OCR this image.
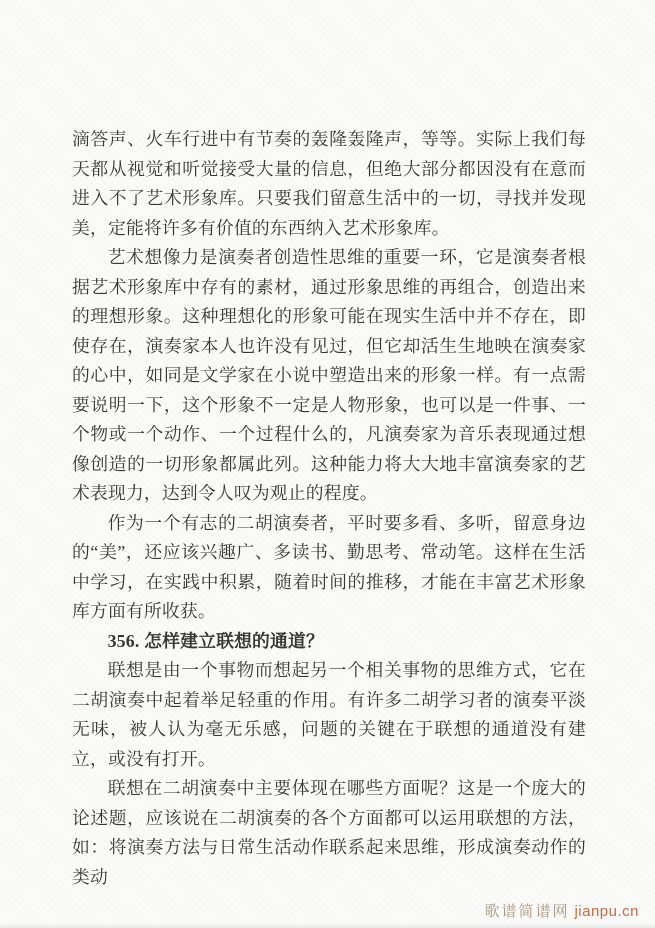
滴答声、火车行进中有节奏的轰隆轰隆声，等等。实际上我们每天都从视觉和听觉接受大量的信息，但绝大部分都因没有在意而进入不了艺术形象库。只要我们留意生活中的一切，寻找并发现美，定能将许多有价值的东西纳入艺术形象库。

艺术想像力是演奏者创造性思维的重要一环，它是演奏者根据艺术形象库中存有的素材，通过形象思维的再组合，创造出来的理想形象。这种理想化的形象可能在现实生活中并不存在，即使存在，演奏家本人也许没有见过，但它却活生生地映在演奏家的心中，如同是文学家在小说中塑造出来的形象一样。有一点需要说明一下，这个形象不一定是人物形象，也可以是一件事、一个物或一个动作、一个过程什么的，凡演奏家为音乐表现通过想像创造的一切形象都属此列。这种能力将大大地丰富演奏家的艺术表现力，达到令人叹为观止的程度。

作为一个有志的二胡演奏者，平时要多看、多听，留意身边的“美”，还应该兴趣广、多读书、勤思考、常动笔。这样在生活中学习，在实践中积累，随着时间的推移，才能在丰富艺术形象库方面有所收获。

356. 怎样建立联想的通道？

联想是由一个事物而想起另一个相关事物的思维方式，它在二胡演奏中起着举足轻重的作用。有许多二胡学习者的演奏平淡无味，被人认为毫无乐感，问题的关键在于联想的通道没有建立，或没有打开。

联想在二胡演奏中主要体现在哪些方面呢？这是一个庞大的论述题，应该说在二胡演奏的各个方面都可以运用联想的方法，如：将演奏方法与日常生活动作联系起来思维，形成演奏动作的类动

歌谱简谱网 jianpu.cn
